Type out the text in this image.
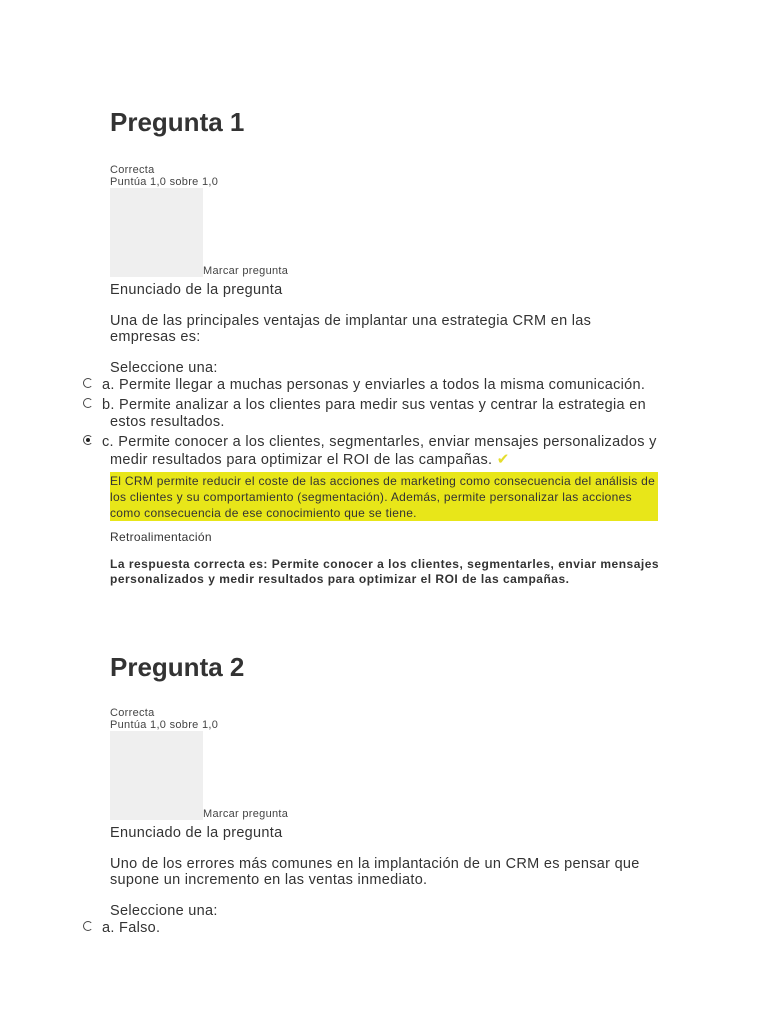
Pregunta 1
Correcta
Puntúa 1,0 sobre 1,0
Marcar pregunta
Enunciado de la pregunta
Una de las principales ventajas de implantar una estrategia CRM en las empresas es:
Seleccione una:
a. Permite llegar a muchas personas y enviarles a todos la misma comunicación.
b. Permite analizar a los clientes para medir sus ventas y centrar la estrategia en estos resultados.
c. Permite conocer a los clientes, segmentarles, enviar mensajes personalizados y medir resultados para optimizar el ROI de las campañas. ✔
El CRM permite reducir el coste de las acciones de marketing como consecuencia del análisis de los clientes y su comportamiento (segmentación). Además, permite personalizar las acciones como consecuencia de ese conocimiento que se tiene.
Retroalimentación
La respuesta correcta es: Permite conocer a los clientes, segmentarles, enviar mensajes personalizados y medir resultados para optimizar el ROI de las campañas.
Pregunta 2
Correcta
Puntúa 1,0 sobre 1,0
Marcar pregunta
Enunciado de la pregunta
Uno de los errores más comunes en la implantación de un CRM es pensar que supone un incremento en las ventas inmediato.
Seleccione una:
a. Falso.
